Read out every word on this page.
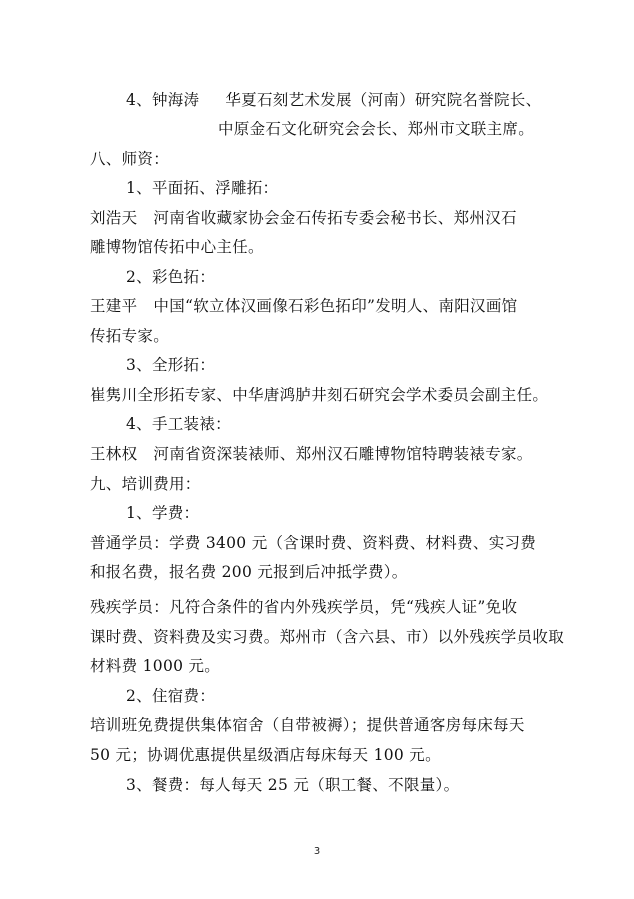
4、钟海涛 华夏石刻艺术发展（河南）研究院名誉院长、
中原金石文化研究会会长、郑州市文联主席。
八、师资：
1、平面拓、浮雕拓：
刘浩天 河南省收藏家协会金石传拓专委会秘书长、郑州汉石
雕博物馆传拓中心主任。
2、彩色拓：
王建平 中国“软立体汉画像石彩色拓印”发明人、南阳汉画馆
传拓专家。
3、全形拓：
崔隽川全形拓专家、中华唐鸿胪井刻石研究会学术委员会副主任。
4、手工装裱：
王林权 河南省资深装裱师、郑州汉石雕博物馆特聘装裱专家。
九、培训费用：
1、学费：
普通学员：学费 3400 元（含课时费、资料费、材料费、实习费
和报名费，报名费 200 元报到后冲抵学费）。
残疾学员：凡符合条件的省内外残疾学员，凭“残疾人证”免收
课时费、资料费及实习费。郑州市（含六县、市）以外残疾学员收取
材料费 1000 元。
2、住宿费：
培训班免费提供集体宿舍（自带被褥）；提供普通客房每床每天
50 元；协调优惠提供星级酒店每床每天 100 元。
3、餐费：每人每天 25 元（职工餐、不限量）。
3
